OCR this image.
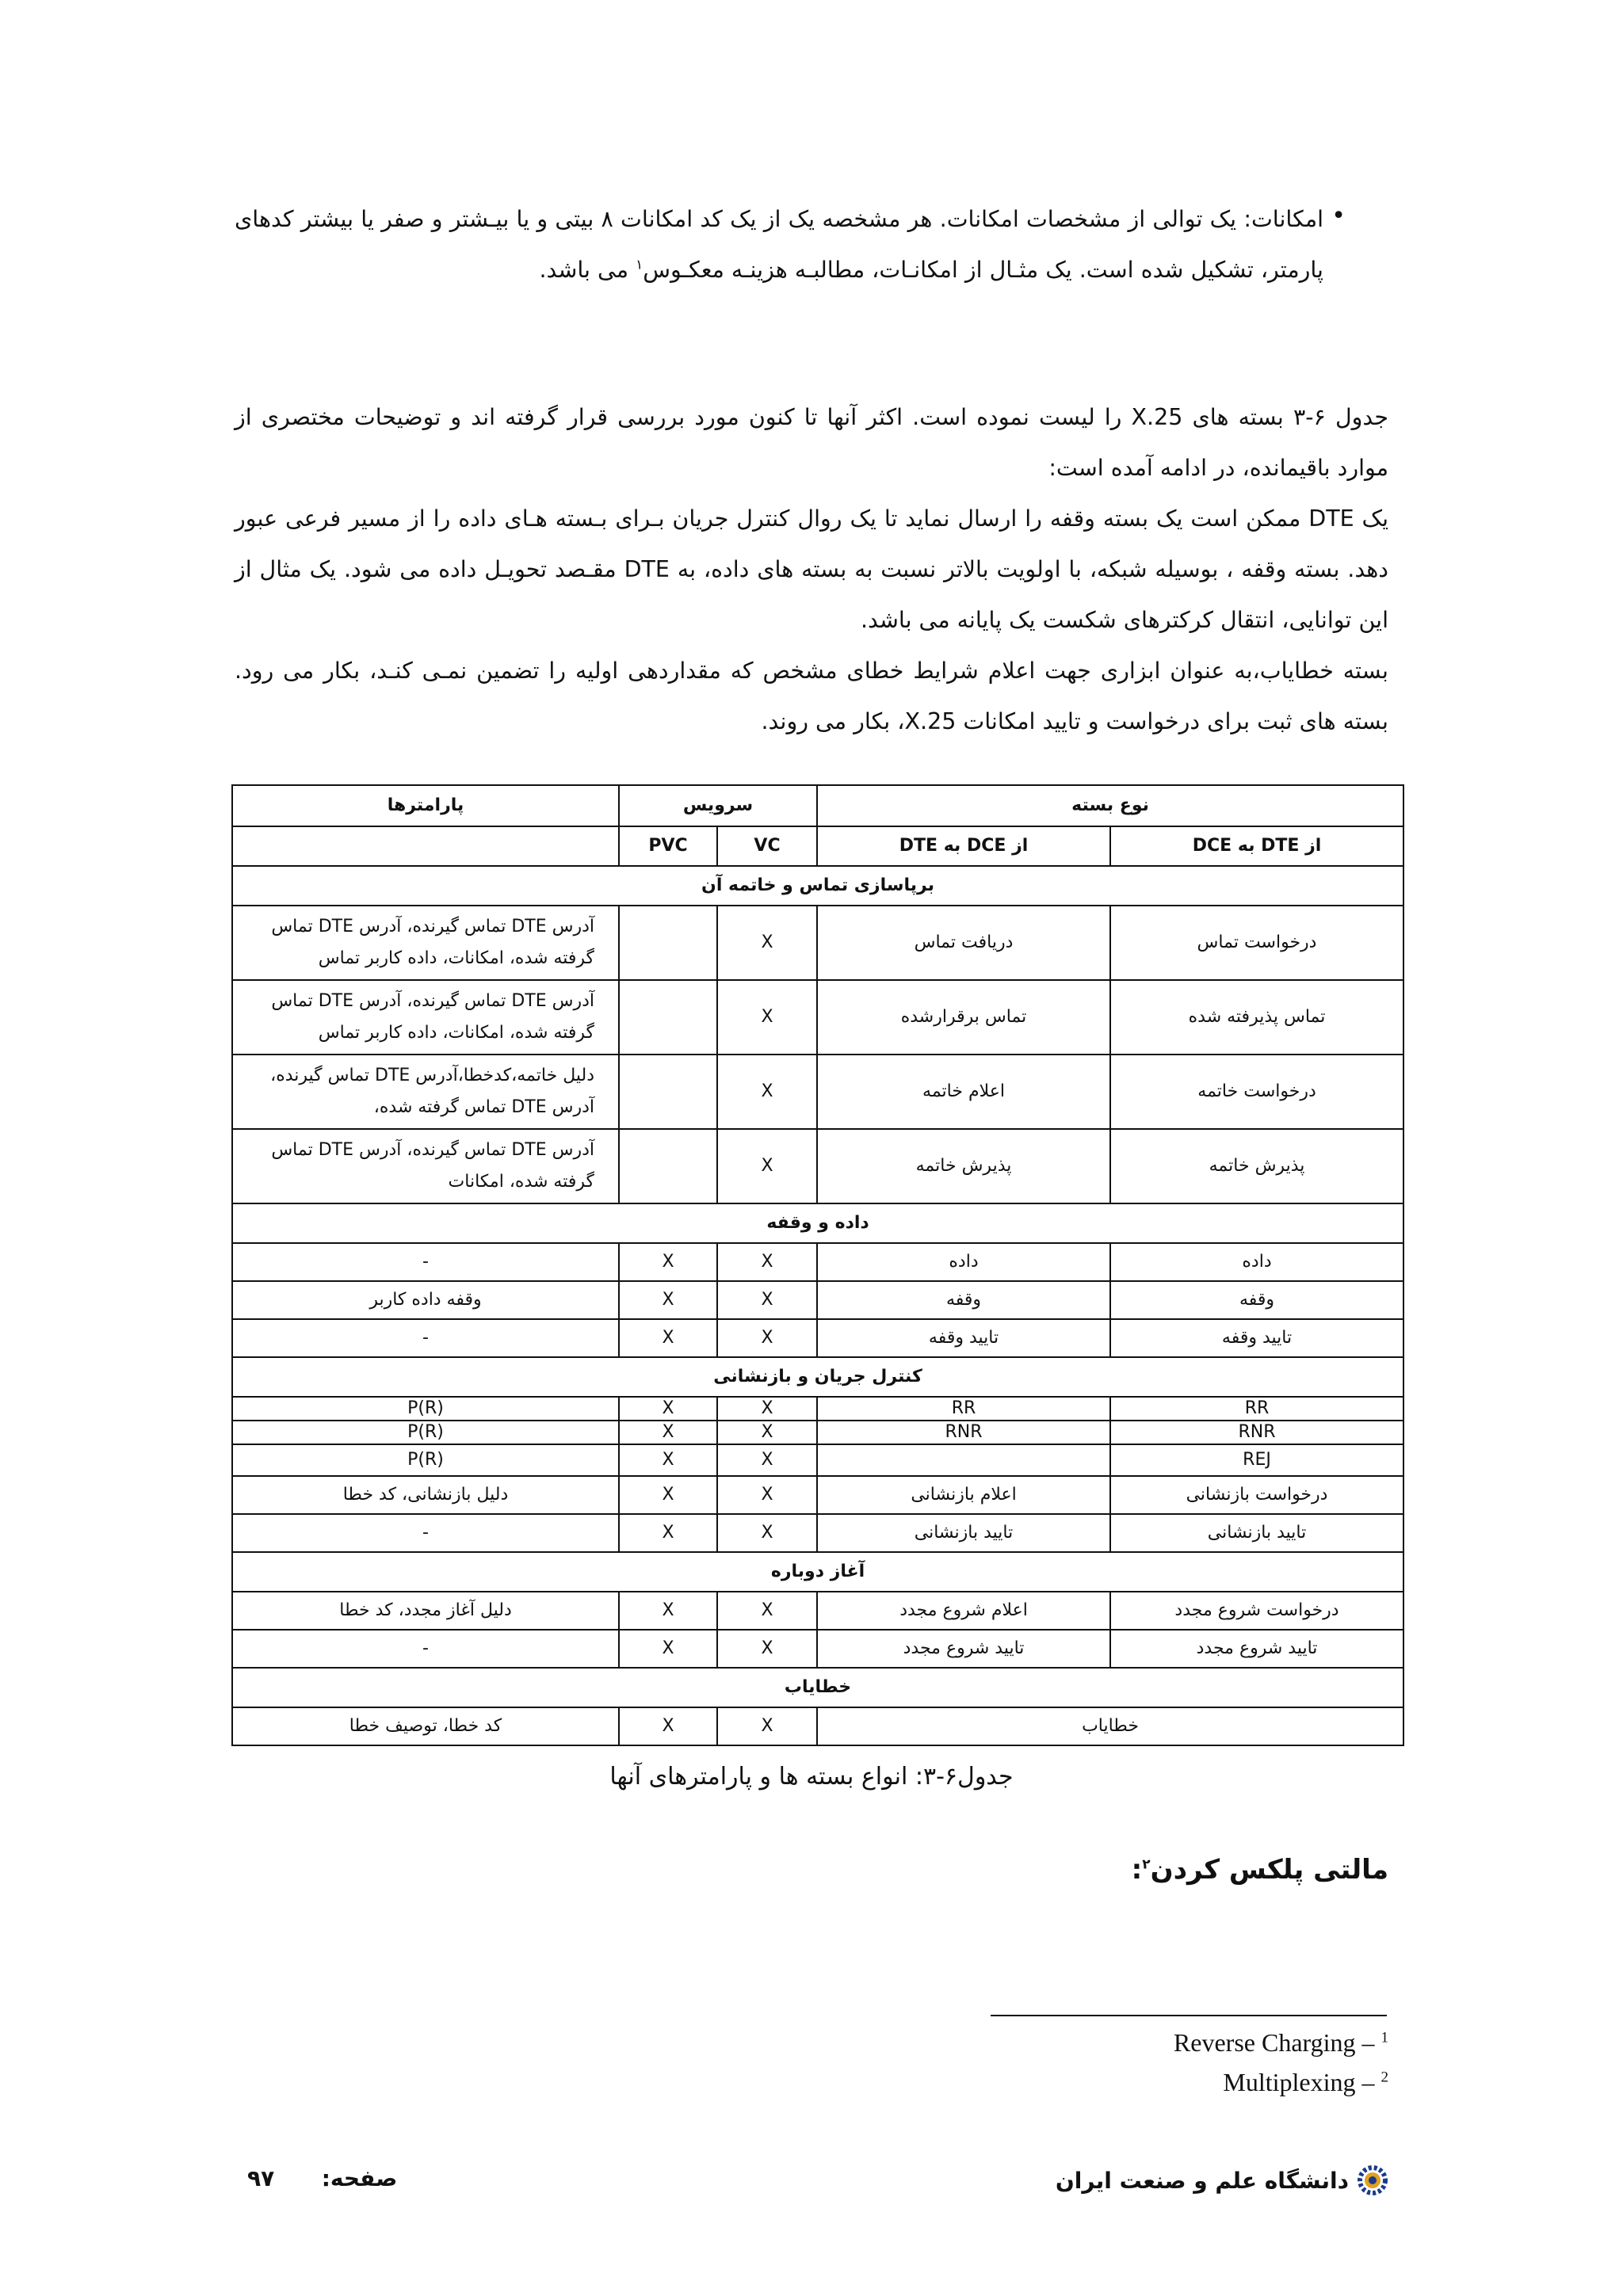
•

امکانات: یک توالی از مشخصات امکانات. هر مشخصه یک از یک کد امکانات ۸ بیتی و یا بیـشتر و صفر یا بیشتر کدهای پارمتر، تشکیل شده است. یک مثـال از امکانـات، مطالبـه هزینـه معکـوس$^۱$ می باشد.

جدول ۶-۳ بسته های X.25 را لیست نموده است. اکثر آنها تا کنون مورد بررسی قرار گرفته اند و توضیحات مختصری از موارد باقیمانده، در ادامه آمده است:

یک DTE ممکن است یک بسته وقفه را ارسال نماید تا یک روال کنترل جریان بـرای بـسته هـای داده را از مسیر فرعی عبور دهد. بسته وقفه ، بوسیله شبکه، با اولویت بالاتر نسبت به بسته های داده، به DTE مقـصد تحویـل داده می شود. یک مثال از این توانایی، انتقال کرکترهای شکست یک پایانه می باشد.

بسته خطایاب،به عنوان ابزاری جهت اعلام شرایط خطای مشخص که مقداردهی اولیه را تضمین نمـی کنـد، بکار می رود. بسته های ثبت برای درخواست و تایید امکانات X.25، بکار می روند.

نوع بسته		سرویس		پارامترها
از DTE به DCE	از DCE به DTE	VC	PVC	
برپاسازی تماس و خاتمه آن				
درخواست تماس	دریافت تماس	X		آدرس DTE تماس گیرنده، آدرس DTE تماس گرفته شده، امکانات، داده کاربر تماس
تماس پذیرفته شده	تماس برقرارشده	X		آدرس DTE تماس گیرنده، آدرس DTE تماس گرفته شده، امکانات، داده کاربر تماس
درخواست خاتمه	اعلام خاتمه	X		دلیل خاتمه،کدخطا،آدرس DTE تماس گیرنده، آدرس DTE تماس گرفته شده،
پذیرش خاتمه	پذیرش خاتمه	X		آدرس DTE تماس گیرنده، آدرس DTE تماس گرفته شده، امکانات
داده و وقفه				
داده	داده	X	X	-
وقفه	وقفه	X	X	وقفه داده کاربر
تایید وقفه	تایید وقفه	X	X	-
کنترل جریان و بازنشانی				
RR	RR	X	X	P(R)
RNR	RNR	X	X	P(R)
REJ		X	X	P(R)
درخواست بازنشانی	اعلام بازنشانی	X	X	دلیل بازنشانی، کد خطا
تایید بازنشانی	تایید بازنشانی	X	X	-
آغاز دوباره				
درخواست شروع مجدد	اعلام شروع مجدد	X	X	دلیل آغاز مجدد، کد خطا
تایید شروع مجدد	تایید شروع مجدد	X	X	-
خطایاب				
خطایاب		X	X	کد خطا، توصیف خطا
جدول۶-۳: انواع بسته ها و پارامترهای آنها
مالتی پلکس کردن$^۲$:
Reverse Charging – $^1$
Multiplexing – $^2$
دانشگاه علم و صنعت ایران
صفحه:  ۹۷
